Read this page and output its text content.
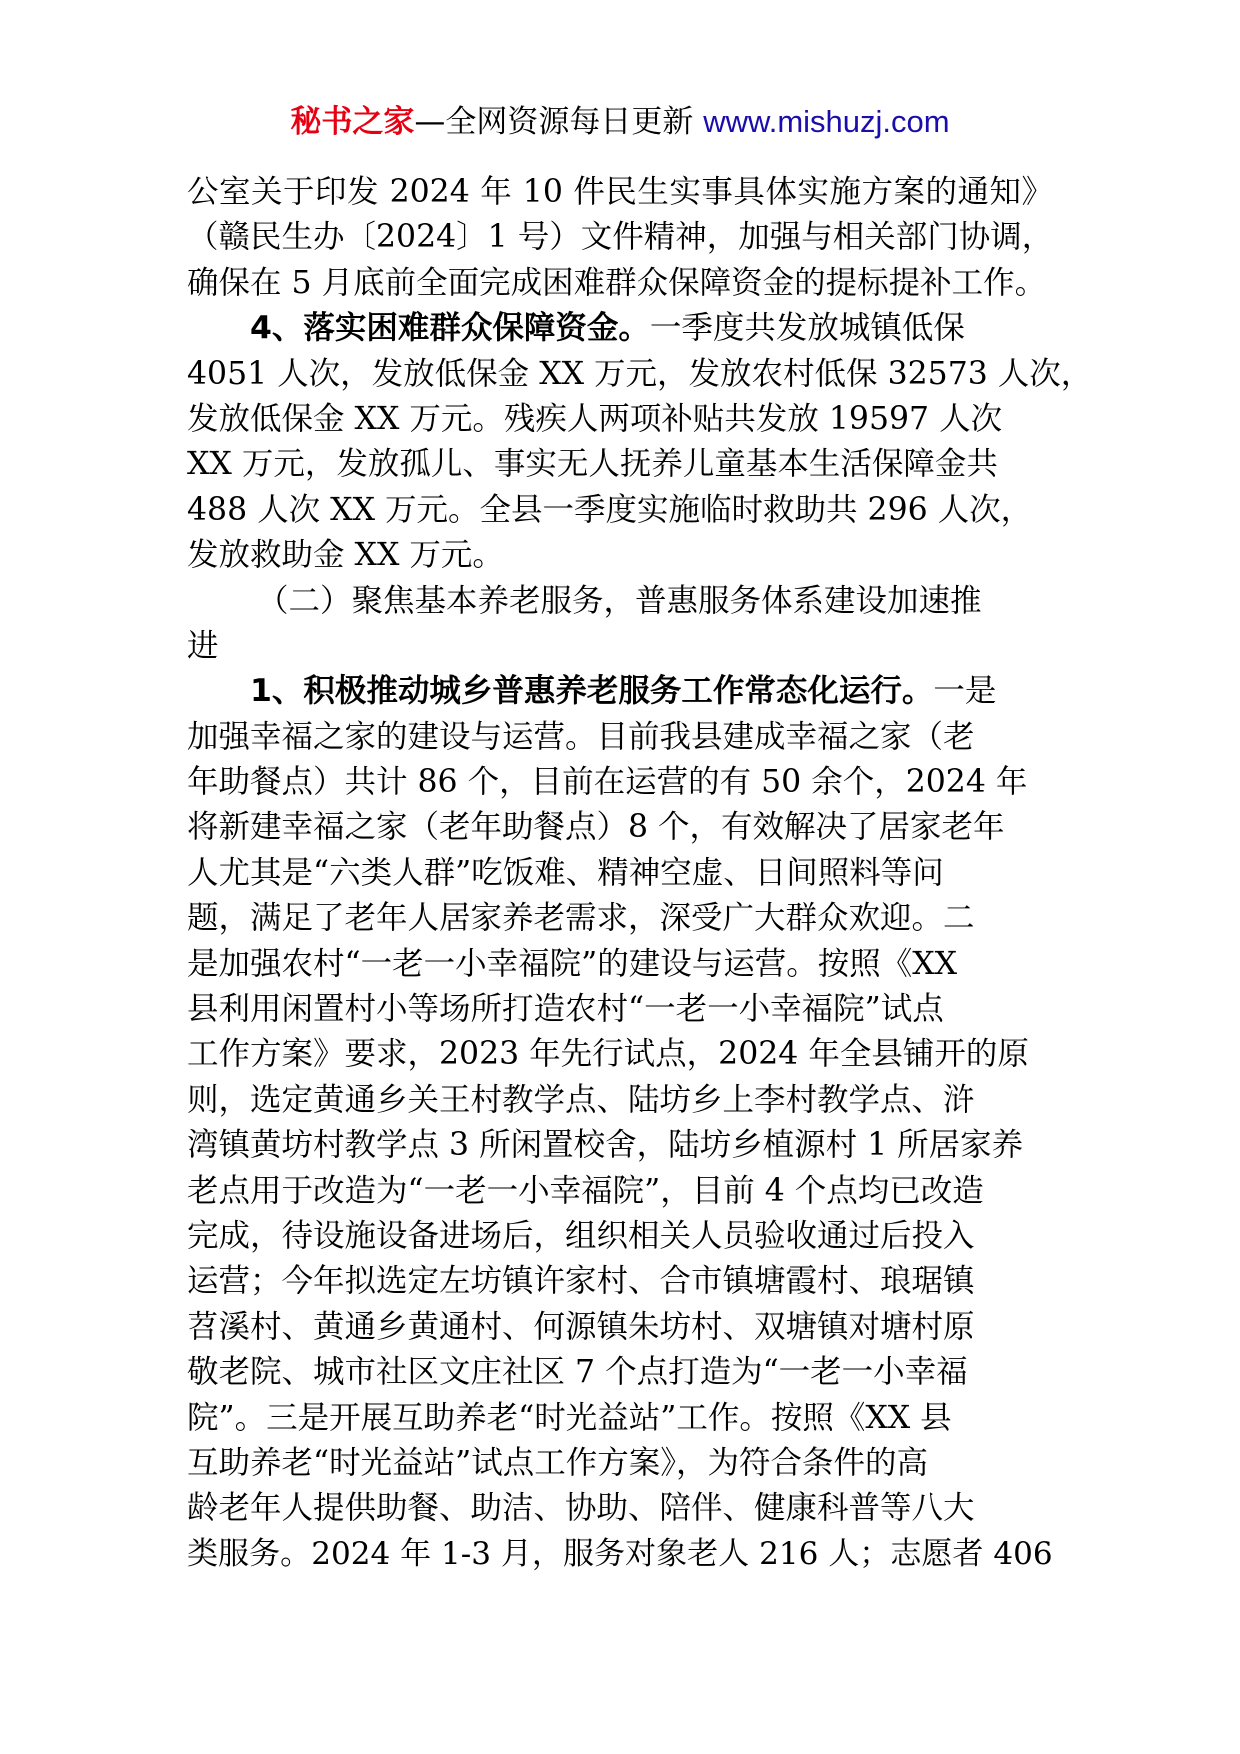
秘书之家—全网资源每日更新 www.mishuzj.com
公室关于印发 2024 年 10 件民生实事具体实施方案的通知》
（赣民生办〔2024〕1 号）文件精神，加强与相关部门协调，
确保在 5 月底前全面完成困难群众保障资金的提标提补工作。
4、落实困难群众保障资金。一季度共发放城镇低保
4051 人次，发放低保金 XX 万元，发放农村低保 32573 人次，
发放低保金 XX 万元。残疾人两项补贴共发放 19597 人次
XX 万元，发放孤儿、事实无人抚养儿童基本生活保障金共
488 人次 XX 万元。全县一季度实施临时救助共 296 人次，
发放救助金 XX 万元。
（二）聚焦基本养老服务，普惠服务体系建设加速推
进
1、积极推动城乡普惠养老服务工作常态化运行。一是
加强幸福之家的建设与运营。目前我县建成幸福之家（老
年助餐点）共计 86 个，目前在运营的有 50 余个，2024 年
将新建幸福之家（老年助餐点）8 个，有效解决了居家老年
人尤其是“六类人群”吃饭难、精神空虚、日间照料等问
题，满足了老年人居家养老需求，深受广大群众欢迎。二
是加强农村“一老一小幸福院”的建设与运营。按照《XX
县利用闲置村小等场所打造农村“一老一小幸福院”试点
工作方案》要求，2023 年先行试点，2024 年全县铺开的原
则，选定黄通乡关王村教学点、陆坊乡上李村教学点、浒
湾镇黄坊村教学点 3 所闲置校舍，陆坊乡植源村 1 所居家养
老点用于改造为“一老一小幸福院”，目前 4 个点均已改造
完成，待设施设备进场后，组织相关人员验收通过后投入
运营；今年拟选定左坊镇许家村、合市镇塘霞村、琅琚镇
苕溪村、黄通乡黄通村、何源镇朱坊村、双塘镇对塘村原
敬老院、城市社区文庄社区 7 个点打造为“一老一小幸福
院”。三是开展互助养老“时光益站”工作。按照《XX 县
互助养老“时光益站”试点工作方案》，为符合条件的高
龄老年人提供助餐、助洁、协助、陪伴、健康科普等八大
类服务。2024 年 1-3 月，服务对象老人 216 人；志愿者 406
